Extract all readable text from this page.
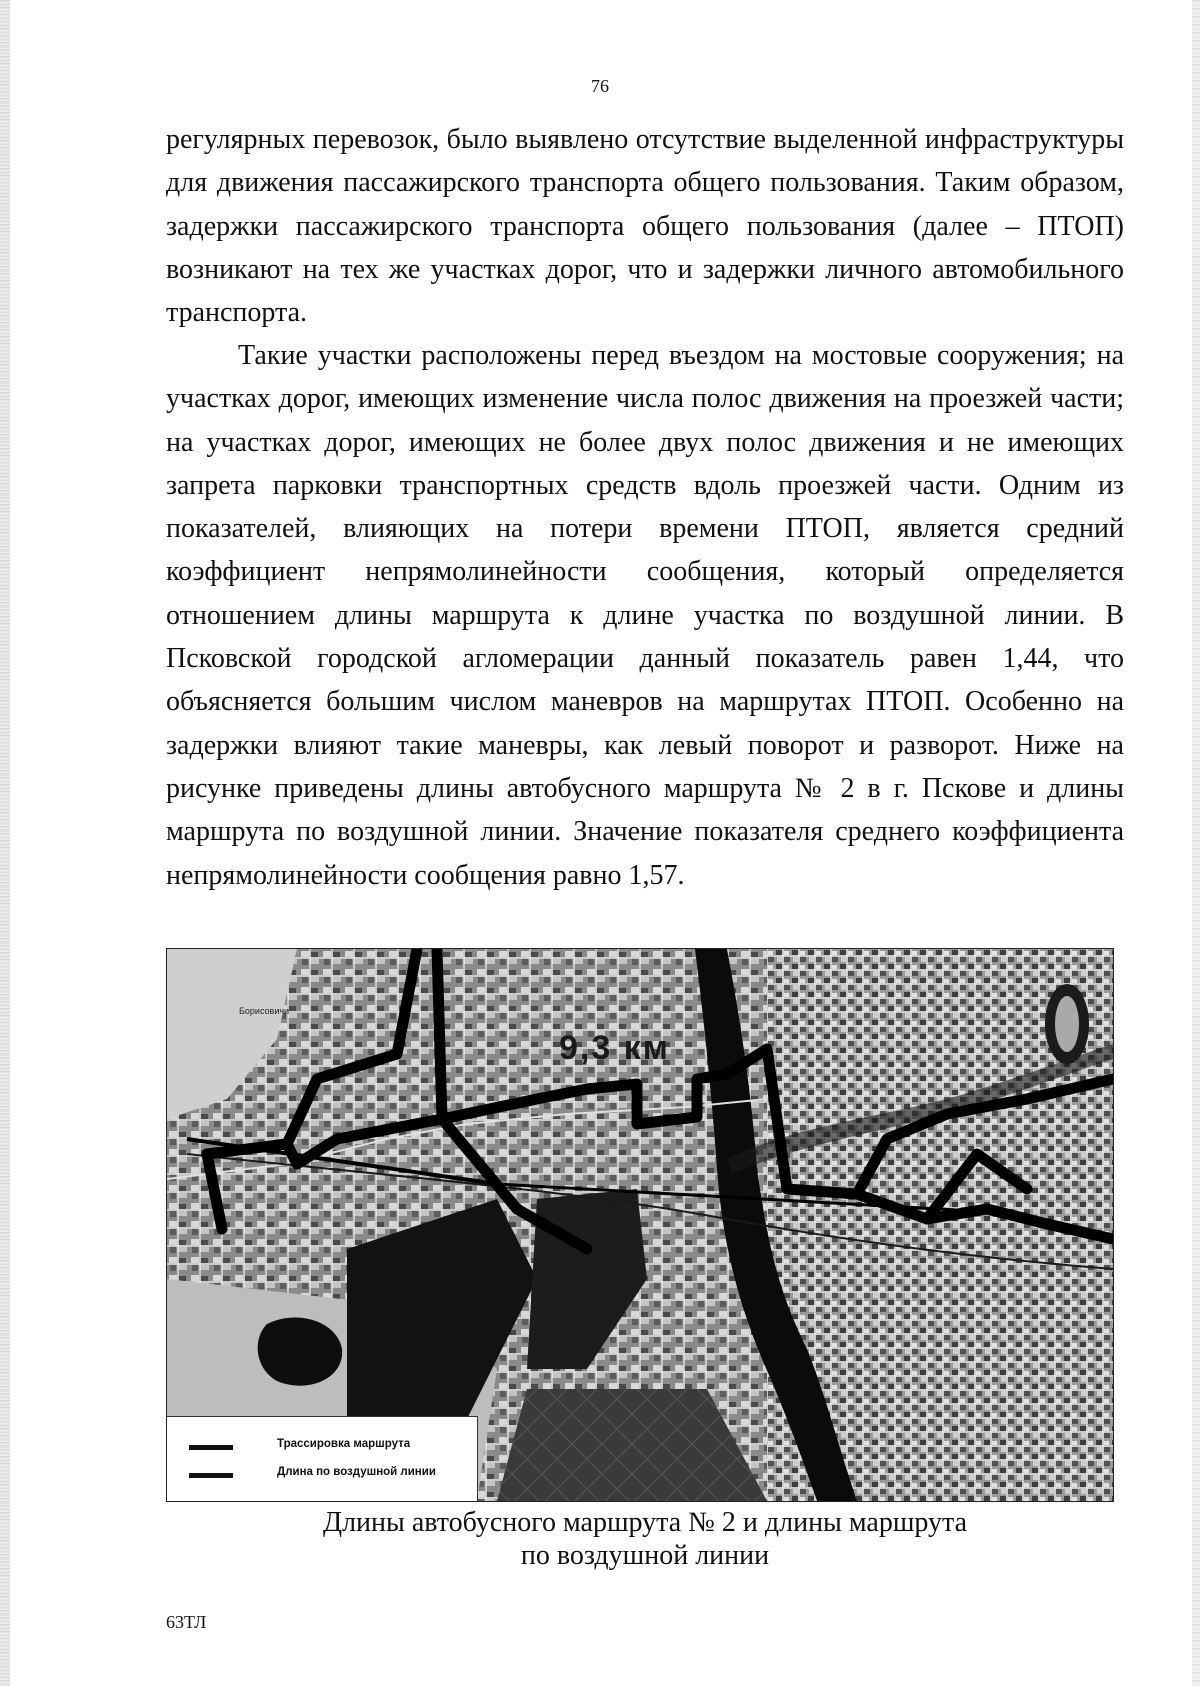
76

регулярных перевозок, было выявлено отсутствие выделенной инфраструктуры для движения пассажирского транспорта общего пользования. Таким образом, задержки пассажирского транспорта общего пользования (далее – ПТОП) возникают на тех же участках дорог, что и задержки личного автомобильного транспорта.

Такие участки расположены перед въездом на мостовые сооружения; на участках дорог, имеющих изменение числа полос движения на проезжей части; на участках дорог, имеющих не более двух полос движения и не имеющих запрета парковки транспортных средств вдоль проезжей части. Одним из показателей, влияющих на потери времени ПТОП, является средний коэффициент непрямолинейности сообщения, который определяется отношением длины маршрута к длине участка по воздушной линии. В Псковской городской агломерации данный показатель равен 1,44, что объясняется большим числом маневров на маршрутах ПТОП. Особенно на задержки влияют такие маневры, как левый поворот и разворот. Ниже на рисунке приведены длины автобусного маршрута № 2 в г. Пскове и длины маршрута по воздушной линии. Значение показателя среднего коэффициента непрямолинейности сообщения равно 1,57.

9,3 км
Борисовичи
Трассировка маршрута
Длина по воздушной линии
Длины автобусного маршрута № 2 и длины маршрута
по воздушной линии
63ТЛ
